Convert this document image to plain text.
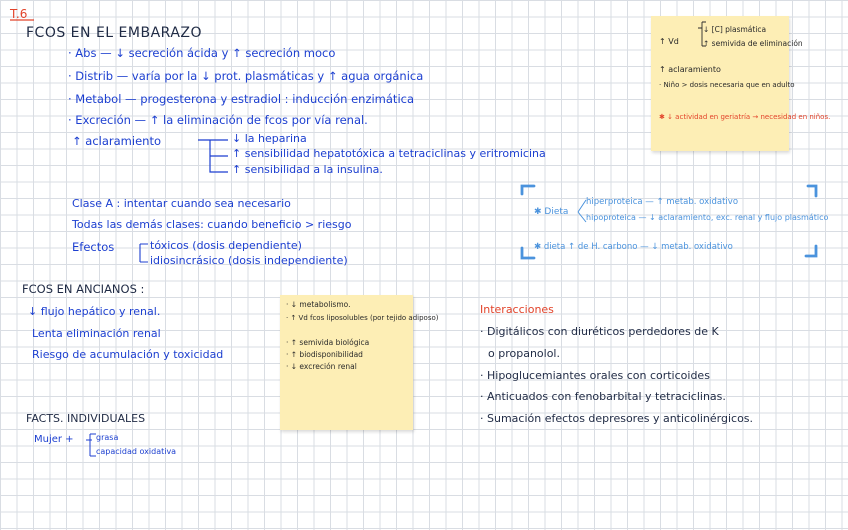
T.6
FCOS EN EL EMBARAZO
· Abs — ↓ secreción ácida y ↑ secreción moco
· Distrib — varía por la ↓ prot. plasmáticas y ↑ agua orgánica
· Metabol — progesterona y estradiol : inducción enzimática
· Excreción — ↑ la eliminación de fcos por vía renal.
↑ aclaramiento	↓ la heparina
↑ sensibilidad hepatotóxica a tetraciclinas y eritromicina
↑ sensibilidad a la insulina.
Clase A : intentar cuando sea necesario
Todas las demás clases: cuando beneficio > riesgo
Efectos	tóxicos (dosis dependiente)
idiosincrásico (dosis independiente)
↑ Vd
↓ [C] plasmática
↑ semivida de eliminación
↑ aclaramiento
· Niño > dosis necesaria que en adulto
✱ ↓ actividad en geriatría → necesidad en niños.
✱ Dieta
hiperproteica — ↑ metab. oxidativo
hipoproteica — ↓ aclaramiento, exc. renal y flujo plasmático
✱ dieta ↑ de H. carbono — ↓ metab. oxidativo
FCOS EN ANCIANOS :
↓ flujo hepático y renal.
Lenta eliminación renal
Riesgo de acumulación y toxicidad
· ↓ metabolismo.
· ↑ Vd fcos liposolubles (por tejido adiposo)
· ↑ semivida biológica
· ↑ biodisponibilidad
· ↓ excreción renal
Interacciones
· Digitálicos con diuréticos perdedores de K
o propanolol.
· Hipoglucemiantes orales con corticoides
· Anticuados con fenobarbital y tetraciclinas.
· Sumación efectos depresores y anticolinérgicos.
FACTS. INDIVIDUALES
Mujer +	grasa
capacidad oxidativa
